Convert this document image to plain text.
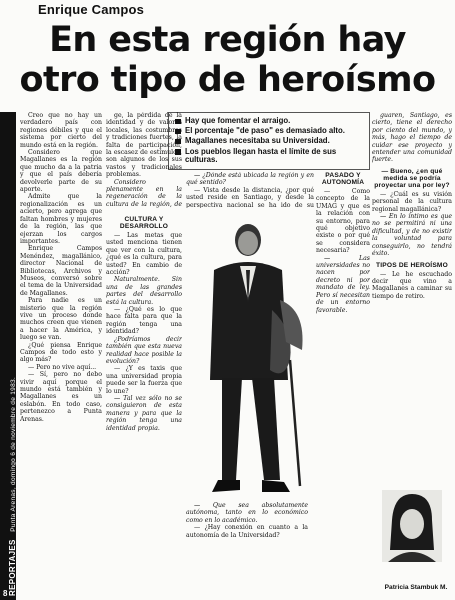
Enrique Campos
En esta región hay
otro tipo de heroísmo
REPORTAJES   Punta Arenas, domingo 6 de noviembre de 1983.
8
Hay que fomentar el arraigo.
El porcentaje "de paso" es demasiado alto.
Magallanes necesitaba su Universidad.
Los pueblos llegan hasta el límite de sus culturas.

Creo que no hay un verdadero país con regiones débiles y que el sistema por cierto del mundo está en la región.

Considero que Magallanes es la región que mucho da a la patria y que el país debería devolverle parte de su aporte.

Admite que la regionalización es un acierto, pero agrega que faltan hombres y mujeres de la región, las que ejerzan los cargos importantes.

Enrique Campos Menéndez, magallánico, director Nacional de Bibliotecas, Archivos y Museos, conversó sobre el tema de la Universidad de Magallanes.

Para nadie es un misterio que la región vive un proceso donde muchos creen que vienen a hacer la América, y luego se van.

¿Qué piensa Enrique Campos de todo esto y algo más?

— Pero no vive aquí...

— Sí, pero no debo vivir aquí porque el mundo está también y Magallanes es un eslabón. En todo caso, pertenezco a Punta Arenas.

ge, la pérdida de la identidad y de valores locales, las costumbres y tradiciones fuertes, la falta de participación, la escasez de estímulos, son algunos de los sus vastos y tradicionales problemas.

Considero plenamente en la regeneración de la cultura de la región, de

CULTURA Y DESARROLLO

— Las metas que usted menciona tienen que ver con la cultura, ¿qué es la cultura, para usted? En cambio de acción?

Naturalmente. Sin una de las grandes partes del desarrollo está la cultura.

— ¿Qué es lo que hace falta para que la región tenga una identidad?

¿Podríamos decir también que esta nueva realidad hace posible la evolución?

— ¿Y es taxis que una universidad propia puede ser la fuerza que lo une?

— Tal vez sólo no se consiguieron de esta manera y para que la región tenga una identidad propia.

— ¿Dónde está ubicada la región y en qué sentido?

— Vista desde la distancia, ¿por qué usted reside en Santiago, y desde la perspectiva nacional se ha ido de su

— Que sea absolutamente autónoma, tanto en lo económico como en lo académico.

— ¿Hay conexión en cuanto a la autonomía de la Universidad?

PASADO Y AUTONOMÍA

— Como concepto de la UMAG y que es la relación con su entorno, para qué objetivo existe o por qué se considera necesaria?

— Las universidades no nacen por decreto ni por mandato de ley. Pero sí necesitan de un entorno favorable.

guaren, Santiago, es cierto, tiene el derecho por ciento del mundo, y más, hago el tiempo de cuidar ese proyecto y entender una comunidad fuerte.

— Bueno, ¿en qué medida se podría proyectar una por ley?

— ¿Cuál es su visión personal de la cultura regional magallánica?

— En lo íntimo es que no se permitirá ni una dificultad, y de no existir la voluntad para conseguirlo, no tendrá éxito.

TIPOS DE HEROÍSMO

— Le he escuchado decir que vino a Magallanes a caminar su tiempo de retiro.

Patricia Stambuk M.
